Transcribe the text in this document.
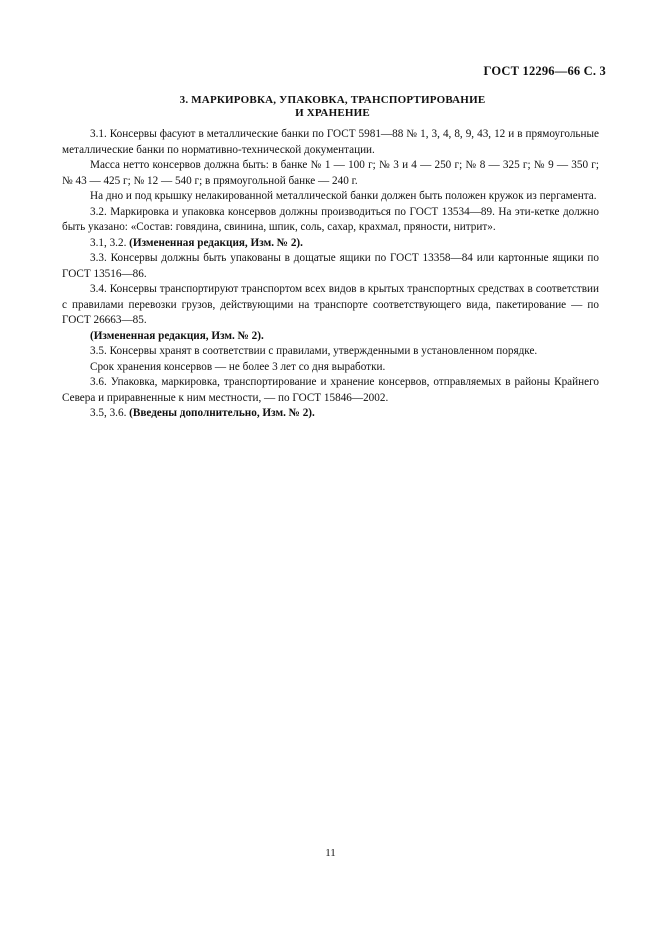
ГОСТ 12296—66 С. 3
3. МАРКИРОВКА, УПАКОВКА, ТРАНСПОРТИРОВАНИЕ
И ХРАНЕНИЕ

3.1. Консервы фасуют в металлические банки по ГОСТ 5981—88 № 1, 3, 4, 8, 9, 43, 12 и в прямоугольные металлические банки по нормативно-технической документации.

Масса нетто консервов должна быть: в банке № 1 — 100 г; № 3 и 4 — 250 г; № 8 — 325 г; № 9 — 350 г; № 43 — 425 г; № 12 — 540 г; в прямоугольной банке — 240 г.

На дно и под крышку нелакированной металлической банки должен быть положен кружок из пергамента.

3.2. Маркировка и упаковка консервов должны производиться по ГОСТ 13534—89. На эти-кетке должно быть указано: «Состав: говядина, свинина, шпик, соль, сахар, крахмал, пряности, нитрит».

3.1, 3.2. (Измененная редакция, Изм. № 2).

3.3. Консервы должны быть упакованы в дощатые ящики по ГОСТ 13358—84 или картонные ящики по ГОСТ 13516—86.

3.4. Консервы транспортируют транспортом всех видов в крытых транспортных средствах в соответствии с правилами перевозки грузов, действующими на транспорте соответствующего вида, пакетирование — по ГОСТ 26663—85.

(Измененная редакция, Изм. № 2).

3.5. Консервы хранят в соответствии с правилами, утвержденными в установленном порядке.

Срок хранения консервов — не более 3 лет со дня выработки.

3.6. Упаковка, маркировка, транспортирование и хранение консервов, отправляемых в районы Крайнего Севера и приравненные к ним местности, — по ГОСТ 15846—2002.

3.5, 3.6. (Введены дополнительно, Изм. № 2).

11
